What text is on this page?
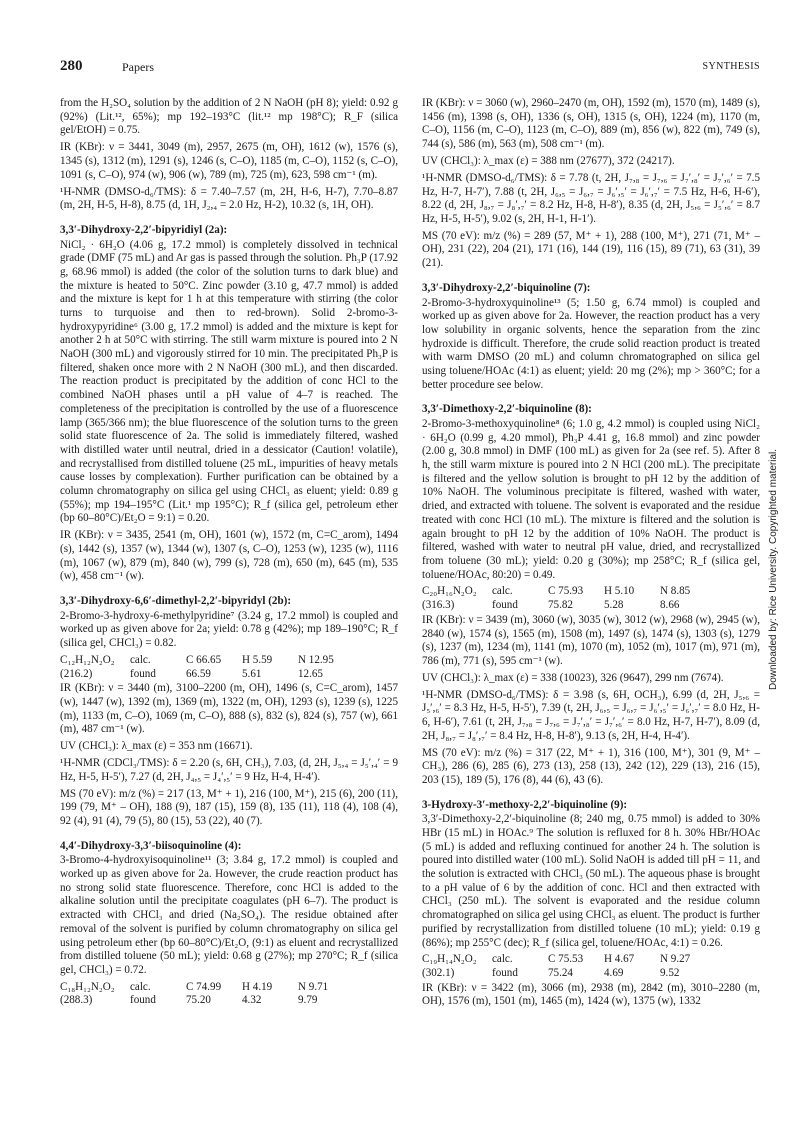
280	Papers	SYNTHESIS

from the H₂SO₄ solution by the addition of 2 N NaOH (pH 8); yield: 0.92 g (92%) (Lit.¹², 65%); mp 192–193°C (lit.¹² mp 198°C); R_F (silica gel/EtOH) = 0.75.

IR (KBr): ν = 3441, 3049 (m), 2957, 2675 (m, OH), 1612 (w), 1576 (s), 1345 (s), 1312 (m), 1291 (s), 1246 (s, C–O), 1185 (m, C–O), 1152 (s, C–O), 1091 (s, C–O), 974 (w), 906 (w), 789 (m), 725 (m), 623, 598 cm⁻¹ (m).

¹H-NMR (DMSO-d₆/TMS): δ = 7.40–7.57 (m, 2H, H-6, H-7), 7.70–8.87 (m, 2H, H-5, H-8), 8.75 (d, 1H, J₂,₄ = 2.0 Hz, H-2), 10.32 (s, 1H, OH).

3,3′-Dihydroxy-2,2′-bipyridiyl (2a):

NiCl₂ · 6H₂O (4.06 g, 17.2 mmol) is completely dissolved in technical grade (DMF (75 mL) and Ar gas is passed through the solution. Ph₃P (17.92 g, 68.96 mmol) is added (the color of the solution turns to dark blue) and the mixture is heated to 50°C. Zinc powder (3.10 g, 47.7 mmol) is added and the mixture is kept for 1 h at this temperature with stirring (the color turns to turquoise and then to red-brown). Solid 2-bromo-3-hydroxypyridine⁶ (3.00 g, 17.2 mmol) is added and the mixture is kept for another 2 h at 50°C with stirring. The still warm mixture is poured into 2 N NaOH (300 mL) and vigorously stirred for 10 min. The precipitated Ph₃P is filtered, shaken once more with 2 N NaOH (300 mL), and then discarded. The reaction product is precipitated by the addition of conc HCl to the combined NaOH phases until a pH value of 4–7 is reached. The completeness of the precipitation is controlled by the use of a fluorescence lamp (365/366 nm); the blue fluorescence of the solution turns to the green solid state fluorescence of 2a. The solid is immediately filtered, washed with distilled water until neutral, dried in a dessicator (Caution! volatile), and recrystallised from distilled toluene (25 mL, impurities of heavy metals cause losses by complexation). Further purification can be obtained by a column chromatography on silica gel using CHCl₃ as eluent; yield: 0.89 g (55%); mp 194–195°C (Lit.¹ mp 195°C); R_f (silica gel, petroleum ether (bp 60–80°C)/Et₂O = 9:1) = 0.20.

IR (KBr): ν = 3435, 2541 (m, OH), 1601 (w), 1572 (m, C=C_arom), 1494 (s), 1442 (s), 1357 (w), 1344 (w), 1307 (s, C–O), 1253 (w), 1235 (w), 1116 (m), 1067 (w), 879 (m), 840 (w), 799 (s), 728 (m), 650 (m), 645 (m), 535 (w), 458 cm⁻¹ (w).

3,3′-Dihydroxy-6,6′-dimethyl-2,2′-bipyridyl (2b):

2-Bromo-3-hydroxy-6-methylpyridine⁷ (3.24 g, 17.2 mmol) is coupled and worked up as given above for 2a; yield: 0.78 g (42%); mp 189–190°C; R_f (silica gel, CHCl₃) = 0.82.

C₁₂H₁₂N₂O₂	calc.	C 66.65	H 5.59	N 12.95
(216.2)	found	66.59	5.61	12.65

IR (KBr): ν = 3440 (m), 3100–2200 (m, OH), 1496 (s, C=C_arom), 1457 (w), 1447 (w), 1392 (m), 1369 (m), 1322 (m, OH), 1293 (s), 1239 (s), 1225 (m), 1133 (m, C–O), 1069 (m, C–O), 888 (s), 832 (s), 824 (s), 757 (w), 661 (m), 487 cm⁻¹ (w).

UV (CHCl₃): λ_max (ε) = 353 nm (16671).

¹H-NMR (CDCl₃/TMS): δ = 2.20 (s, 6H, CH₃), 7.03, (d, 2H, J₅,₄ = J₅′,₄′ = 9 Hz, H-5, H-5′), 7.27 (d, 2H, J₄,₅ = J₄′,₅′ = 9 Hz, H-4, H-4′).

MS (70 eV): m/z (%) = 217 (13, M⁺ + 1), 216 (100, M⁺), 215 (6), 200 (11), 199 (79, M⁺ – OH), 188 (9), 187 (15), 159 (8), 135 (11), 118 (4), 108 (4), 92 (4), 91 (4), 79 (5), 80 (15), 53 (22), 40 (7).

4,4′-Dihydroxy-3,3′-biisoquinoline (4):

3-Bromo-4-hydroxyisoquinoline¹¹ (3; 3.84 g, 17.2 mmol) is coupled and worked up as given above for 2a. However, the crude reaction product has no strong solid state fluorescence. Therefore, conc HCl is added to the alkaline solution until the precipitate coagulates (pH 6–7). The product is extracted with CHCl₃ and dried (Na₂SO₄). The residue obtained after removal of the solvent is purified by column chromatography on silica gel using petroleum ether (bp 60–80°C)/Et₂O, (9:1) as eluent and recrystallized from distilled toluene (50 mL); yield: 0.68 g (27%); mp 270°C; R_f (silica gel, CHCl₃) = 0.72.

C₁₈H₁₂N₂O₂	calc.	C 74.99	H 4.19	N 9.71
(288.3)	found	75.20	4.32	9.79

IR (KBr): ν = 3060 (w), 2960–2470 (m, OH), 1592 (m), 1570 (m), 1489 (s), 1456 (m), 1398 (s, OH), 1336 (s, OH), 1315 (s, OH), 1224 (m), 1170 (m, C–O), 1156 (m, C–O), 1123 (m, C–O), 889 (m), 856 (w), 822 (m), 749 (s), 744 (s), 586 (m), 563 (m), 508 cm⁻¹ (m).

UV (CHCl₃): λ_max (ε) = 388 nm (27677), 372 (24217).

¹H-NMR (DMSO-d₆/TMS): δ = 7.78 (t, 2H, J₇,₈ = J₇,₆ = J₇′,₈′ = J₇′,₆′ = 7.5 Hz, H-7, H-7′), 7.88 (t, 2H, J₆,₅ = J₆,₇ = J₆′,₅′ = J₆′,₇′ = 7.5 Hz, H-6, H-6′), 8.22 (d, 2H, J₈,₇ = J₈′,₇′ = 8.2 Hz, H-8, H-8′), 8.35 (d, 2H, J₅,₆ = J₅′,₆′ = 8.7 Hz, H-5, H-5′), 9.02 (s, 2H, H-1, H-1′).

MS (70 eV): m/z (%) = 289 (57, M⁺ + 1), 288 (100, M⁺), 271 (71, M⁺ – OH), 231 (22), 204 (21), 171 (16), 144 (19), 116 (15), 89 (71), 63 (31), 39 (21).

3,3′-Dihydroxy-2,2′-biquinoline (7):

2-Bromo-3-hydroxyquinoline¹³ (5; 1.50 g, 6.74 mmol) is coupled and worked up as given above for 2a. However, the reaction product has a very low solubility in organic solvents, hence the separation from the zinc hydroxide is difficult. Therefore, the crude solid reaction product is treated with warm DMSO (20 mL) and column chromatographed on silica gel using toluene/HOAc (4:1) as eluent; yield: 20 mg (2%); mp > 360°C; for a better procedure see below.

3,3′-Dimethoxy-2,2′-biquinoline (8):

2-Bromo-3-methoxyquinoline⁸ (6; 1.0 g, 4.2 mmol) is coupled using NiCl₂ · 6H₂O (0.99 g, 4.20 mmol), Ph₃P 4.41 g, 16.8 mmol) and zinc powder (2.00 g, 30.8 mmol) in DMF (100 mL) as given for 2a (see ref. 5). After 8 h, the still warm mixture is poured into 2 N HCl (200 mL). The precipitate is filtered and the yellow solution is brought to pH 12 by the addition of 10% NaOH. The voluminous precipitate is filtered, washed with water, dried, and extracted with toluene. The solvent is evaporated and the residue treated with conc HCl (10 mL). The mixture is filtered and the solution is again brought to pH 12 by the addition of 10% NaOH. The product is filtered, washed with water to neutral pH value, dried, and recrystallized from toluene (30 mL); yield: 0.20 g (30%); mp 258°C; R_f (silica gel, toluene/HOAc, 80:20) = 0.49.

C₂₀H₁₆N₂O₂	calc.	C 75.93	H 5.10	N 8.85
(316.3)	found	75.82	5.28	8.66

IR (KBr): ν = 3439 (m), 3060 (w), 3035 (w), 3012 (w), 2968 (w), 2945 (w), 2840 (w), 1574 (s), 1565 (m), 1508 (m), 1497 (s), 1474 (s), 1303 (s), 1279 (s), 1237 (m), 1234 (m), 1141 (m), 1070 (m), 1052 (m), 1017 (m), 971 (m), 786 (m), 771 (s), 595 cm⁻¹ (w).

UV (CHCl₃): λ_max (ε) = 338 (10023), 326 (9647), 299 nm (7674).

¹H-NMR (DMSO-d₆/TMS): δ = 3.98 (s, 6H, OCH₃), 6.99 (d, 2H, J₅,₆ = J₅′,₆′ = 8.3 Hz, H-5, H-5′), 7.39 (t, 2H, J₆,₅ = J₆,₇ = J₆′,₅′ = J₆′,₇′ = 8.0 Hz, H-6, H-6′), 7.61 (t, 2H, J₇,₈ = J₇,₆ = J₇′,₈′ = J₇′,₆′ = 8.0 Hz, H-7, H-7′), 8.09 (d, 2H, J₈,₇ = J₈′,₇′ = 8.4 Hz, H-8, H-8′), 9.13 (s, 2H, H-4, H-4′).

MS (70 eV): m/z (%) = 317 (22, M⁺ + 1), 316 (100, M⁺), 301 (9, M⁺ – CH₃), 286 (6), 285 (6), 273 (13), 258 (13), 242 (12), 229 (13), 216 (15), 203 (15), 189 (5), 176 (8), 44 (6), 43 (6).

3-Hydroxy-3′-methoxy-2,2′-biquinoline (9):

3,3′-Dimethoxy-2,2′-biquinoline (8; 240 mg, 0.75 mmol) is added to 30% HBr (15 mL) in HOAc.⁹ The solution is refluxed for 8 h. 30% HBr/HOAc (5 mL) is added and refluxing continued for another 24 h. The solution is poured into distilled water (100 mL). Solid NaOH is added till pH = 11, and the solution is extracted with CHCl₃ (50 mL). The aqueous phase is brought to a pH value of 6 by the addition of conc. HCl and then extracted with CHCl₃ (250 mL). The solvent is evaporated and the residue column chromatographed on silica gel using CHCl₃ as eluent. The product is further purified by recrystallization from distilled toluene (10 mL); yield: 0.19 g (86%); mp 255°C (dec); R_f (silica gel, toluene/HOAc, 4:1) = 0.26.

C₁₉H₁₄N₂O₂	calc.	C 75.53	H 4.67	N 9.27
(302.1)	found	75.24	4.69	9.52

IR (KBr): ν = 3422 (m), 3066 (m), 2938 (m), 2842 (m), 3010–2280 (m, OH), 1576 (m), 1501 (m), 1465 (m), 1424 (w), 1375 (w), 1332

Downloaded by: Rice University. Copyrighted material.
